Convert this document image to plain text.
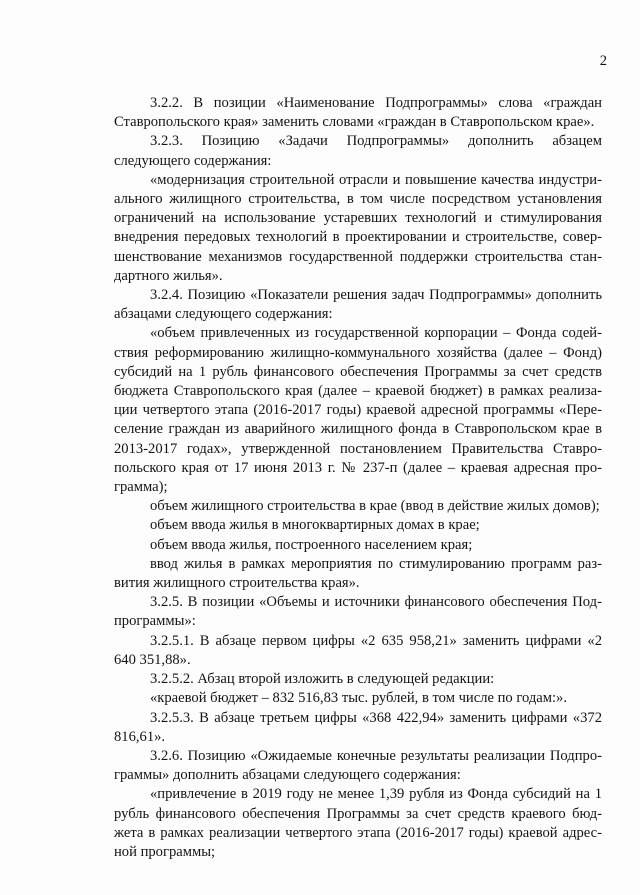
2

3.2.2. В позиции «Наименование Подпрограммы» слова «граждан Ставропольского края» заменить словами «граждан в Ставропольском крае».

3.2.3. Позицию «Задачи Подпрограммы» дополнить абзацем следующего содержания:

«модернизация строительной отрасли и повышение качества индустриального жилищного строительства, в том числе посредством установления ограничений на использование устаревших технологий и стимулирования внедрения передовых технологий в проектировании и строительстве, совершенствование механизмов государственной поддержки строительства стандартного жилья».

3.2.4. Позицию «Показатели решения задач Подпрограммы» дополнить абзацами следующего содержания:

«объем привлеченных из государственной корпорации – Фонда содействия реформированию жилищно-коммунального хозяйства (далее – Фонд) субсидий на 1 рубль финансового обеспечения Программы за счет средств бюджета Ставропольского края (далее – краевой бюджет) в рамках реализации четвертого этапа (2016-2017 годы) краевой адресной программы «Переселение граждан из аварийного жилищного фонда в Ставропольском крае в 2013-2017 годах», утвержденной постановлением Правительства Ставропольского края от 17 июня 2013 г. № 237-п (далее – краевая адресная программа);

объем жилищного строительства в крае (ввод в действие жилых домов);

объем ввода жилья в многоквартирных домах в крае;

объем ввода жилья, построенного населением края;

ввод жилья в рамках мероприятия по стимулированию программ развития жилищного строительства края».

3.2.5. В позиции «Объемы и источники финансового обеспечения Подпрограммы»:

3.2.5.1. В абзаце первом цифры «2 635 958,21» заменить цифрами «2 640 351,88».

3.2.5.2. Абзац второй изложить в следующей редакции:

«краевой бюджет – 832 516,83 тыс. рублей, в том числе по годам:».

3.2.5.3. В абзаце третьем цифры «368 422,94» заменить цифрами «372 816,61».

3.2.6. Позицию «Ожидаемые конечные результаты реализации Подпрограммы» дополнить абзацами следующего содержания:

«привлечение в 2019 году не менее 1,39 рубля из Фонда субсидий на 1 рубль финансового обеспечения Программы за счет средств краевого бюджета в рамках реализации четвертого этапа (2016-2017 годы) краевой адресной программы;
